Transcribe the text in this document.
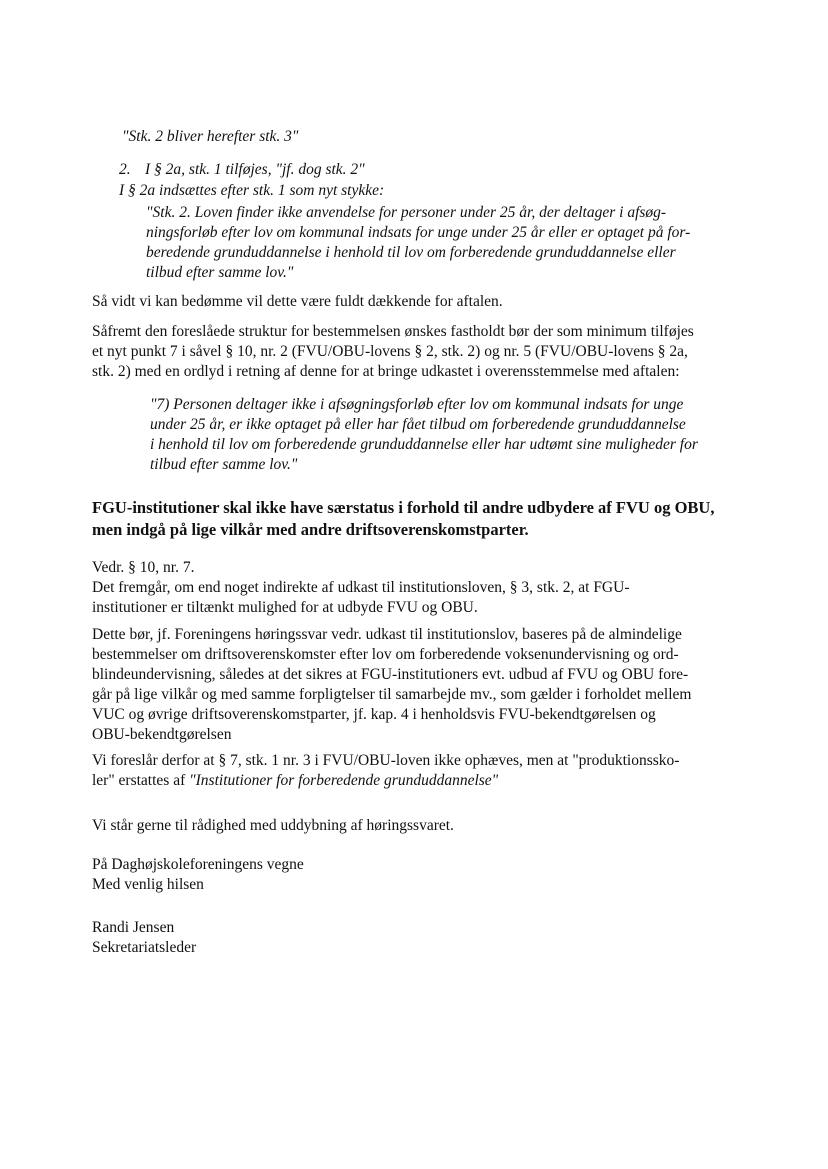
"Stk. 2 bliver herefter stk. 3"

2. I § 2a, stk. 1 tilføjes, "jf. dog stk. 2"

I § 2a indsættes efter stk. 1 som nyt stykke:

"Stk. 2. Loven finder ikke anvendelse for personer under 25 år, der deltager i afsøg-
ningsforløb efter lov om kommunal indsats for unge under 25 år eller er optaget på for-
beredende grunduddannelse i henhold til lov om forberedende grunduddannelse eller
tilbud efter samme lov."

Så vidt vi kan bedømme vil dette være fuldt dækkende for aftalen.

Såfremt den foreslåede struktur for bestemmelsen ønskes fastholdt bør der som minimum tilføjes
et nyt punkt 7 i såvel § 10, nr. 2 (FVU/OBU-lovens § 2, stk. 2) og nr. 5 (FVU/OBU-lovens § 2a,
stk. 2) med en ordlyd i retning af denne for at bringe udkastet i overensstemmelse med aftalen:
"7) Personen deltager ikke i afsøgningsforløb efter lov om kommunal indsats for unge
under 25 år, er ikke optaget på eller har fået tilbud om forberedende grunduddannelse
i henhold til lov om forberedende grunduddannelse eller har udtømt sine muligheder for
tilbud efter samme lov."
FGU-institutioner skal ikke have særstatus i forhold til andre udbydere af FVU og OBU,
men indgå på lige vilkår med andre driftsoverenskomstparter.
Vedr. § 10, nr. 7.
Det fremgår, om end noget indirekte af udkast til institutionsloven, § 3, stk. 2, at FGU-
institutioner er tiltænkt mulighed for at udbyde FVU og OBU.
Dette bør, jf. Foreningens høringssvar vedr. udkast til institutionslov, baseres på de almindelige
bestemmelser om driftsoverenskomster efter lov om forberedende voksenundervisning og ord-
blindeundervisning, således at det sikres at FGU-institutioners evt. udbud af FVU og OBU fore-
går på lige vilkår og med samme forpligtelser til samarbejde mv., som gælder i forholdet mellem
VUC og øvrige driftsoverenskomstparter, jf. kap. 4 i henholdsvis FVU-bekendtgørelsen og
OBU-bekendtgørelsen
Vi foreslår derfor at § 7, stk. 1 nr. 3 i FVU/OBU-loven ikke ophæves, men at "produktionssko-
ler" erstattes af "Institutioner for forberedende grunduddannelse"

Vi står gerne til rådighed med uddybning af høringssvaret.

På Daghøjskoleforeningens vegne
Med venlig hilsen
Randi Jensen
Sekretariatsleder
